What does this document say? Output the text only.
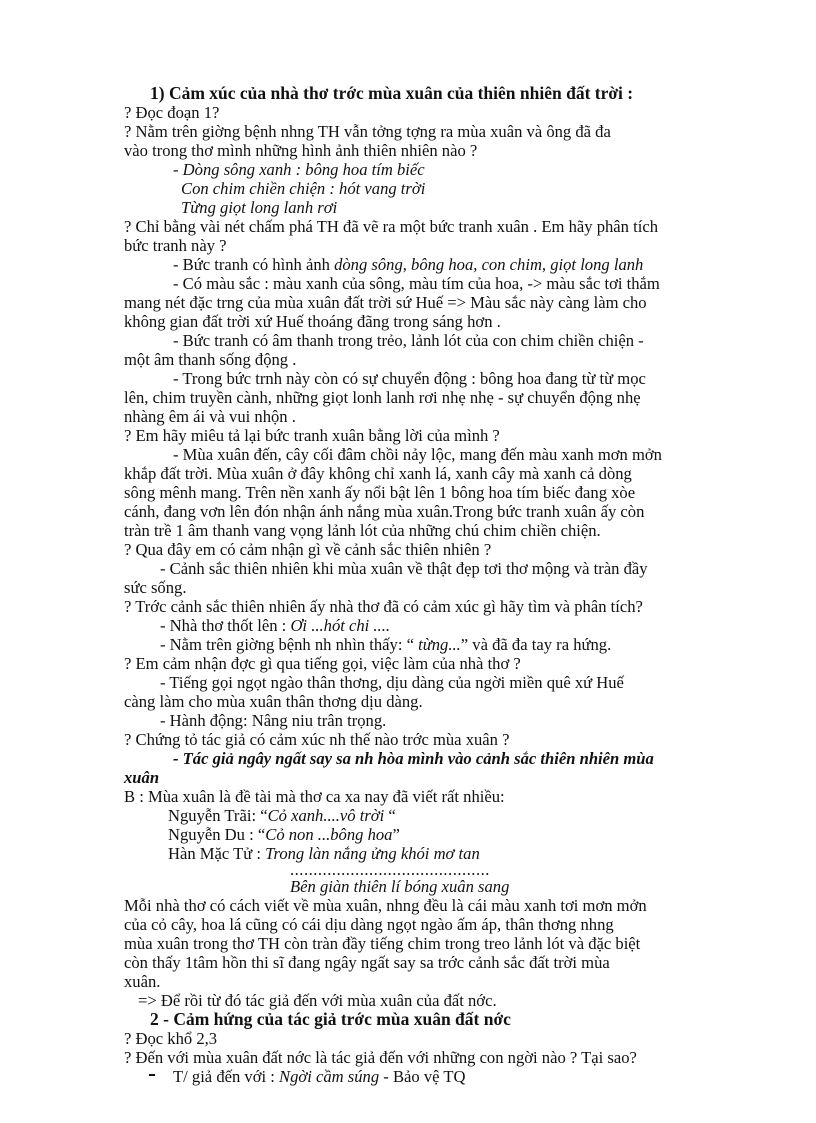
1) Cảm xúc của nhà thơ trớc mùa xuân của thiên nhiên đất trời :
? Đọc đoạn 1?
? Nằm trên giờng bệnh nhng TH vẫn tởng tợng ra mùa xuân và ông đã đa
vào trong thơ mình những hình ảnh thiên nhiên nào ?
- Dòng sông xanh : bông hoa tím biếc
Con chim chiền chiện : hót vang trời
Từng giọt long lanh rơi
? Chỉ bằng vài nét chấm phá TH đã vẽ ra một bức tranh xuân . Em hãy phân tích
bức tranh này ?
- Bức tranh có hình ảnh dòng sông, bông hoa, con chim, giọt long lanh
- Có màu sắc : màu xanh của sông, màu tím của hoa, -> màu sắc tơi thắm
mang nét đặc trng của mùa xuân đất trời sứ Huế => Màu sắc này càng làm cho
không gian đất trời xứ Huế thoáng đãng trong sáng hơn .
- Bức tranh có âm thanh trong trẻo, lảnh lót của con chim chiền chiện -
một âm thanh sống động .
- Trong bức trnh này còn có sự chuyển động : bông hoa đang từ từ mọc
lên, chim truyền cành, những giọt lonh lanh rơi nhẹ nhẹ - sự chuyển động nhẹ
nhàng êm ái và vui nhộn .
? Em hãy miêu tả lại bức tranh xuân bằng lời của mình ?
- Mùa xuân đến, cây cối đâm chồi nảy lộc, mang đến màu xanh mơn mởn
khắp đất trời. Mùa xuân ở đây không chỉ xanh lá, xanh cây mà xanh cả dòng
sông mênh mang. Trên nền xanh ấy nổi bật lên 1 bông hoa tím biếc đang xòe
cánh, đang vơn lên đón nhận ánh nắng mùa xuân.Trong bức tranh xuân ấy còn
tràn trề 1 âm thanh vang vọng lảnh lót của những chú chim chiền chiện.
? Qua đây em có cảm nhận gì về cảnh sắc thiên nhiên ?
- Cảnh sắc thiên nhiên khi mùa xuân về thật đẹp tơi thơ mộng và tràn đầy
sức sống.
? Trớc cảnh sắc thiên nhiên ấy nhà thơ đã có cảm xúc gì hãy tìm và phân tích?
- Nhà thơ thốt lên : Ơi ...hót chi ....
- Nằm trên giờng bệnh nh nhìn thấy: “ từng...” và đã đa tay ra hứng.
? Em cảm nhận đợc gì qua tiếng gọi, việc làm của nhà thơ ?
- Tiếng gọi ngọt ngào thân thơng, dịu dàng của ngời miền quê xứ Huế
càng làm cho mùa xuân thân thơng dịu dàng.
- Hành động: Nâng niu trân trọng.
? Chứng tỏ tác giả có cảm xúc nh thế nào trớc mùa xuân ?
- Tác giả ngây ngất say sa nh hòa mình vào cảnh sắc thiên nhiên mùa
xuân
B : Mùa xuân là đề tài mà thơ ca xa nay đã viết rất nhiều:
Nguyễn Trãi: “Cỏ xanh....vô trời “
Nguyễn Du : “Cỏ non ...bông hoa”
Hàn Mặc Tử : Trong làn nắng ửng khói mơ tan
...........................................
Bên giàn thiên lí bóng xuân sang
Mỗi nhà thơ có cách viết về mùa xuân, nhng đều là cái màu xanh tơi mơn mởn
của cỏ cây, hoa lá cũng có cái dịu dàng ngọt ngào ấm áp, thân thơng nhng
mùa xuân trong thơ TH còn tràn đầy tiếng chim trong treo lảnh lót và đặc biệt
còn thấy 1tâm hồn thi sĩ đang ngây ngất say sa trớc cảnh sắc đất trời mùa
xuân.
=> Để rồi từ đó tác giả đến với mùa xuân của đất nớc.
2 - Cảm hứng của tác giả trớc mùa xuân đất nớc
? Đọc khổ 2,3
? Đến với mùa xuân đất nớc là tác giả đến với những con ngời nào ? Tại sao?
T/ giả đến với : Ngời cầm súng - Bảo vệ TQ
